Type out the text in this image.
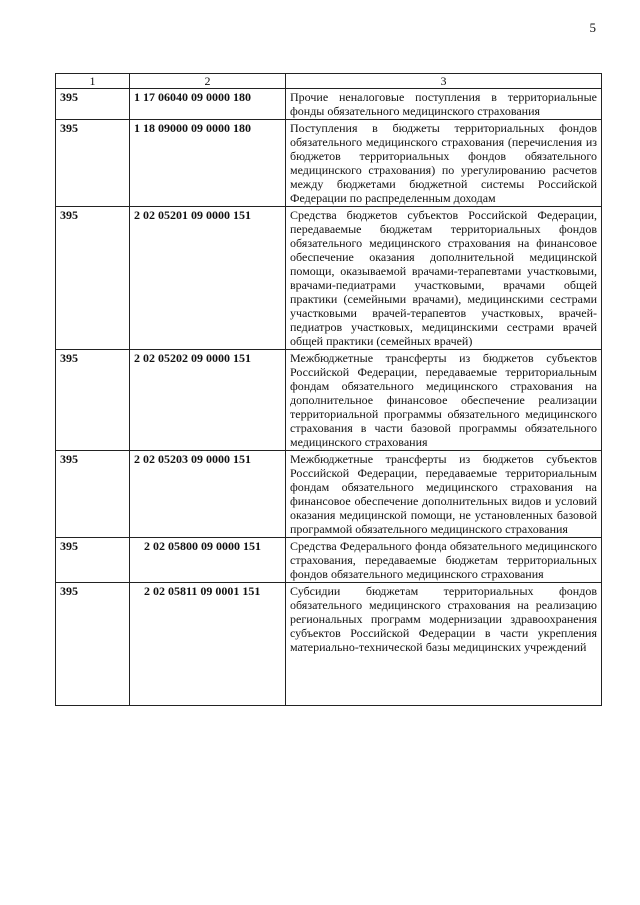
5
1	2	3
395	1 17 06040 09 0000 180	Прочие неналоговые поступления в территориальные фонды обязательного медицинского страхования
395	1 18 09000 09 0000 180	Поступления в бюджеты территориальных фондов обязательного медицинского страхования (перечисления из бюджетов территориальных фондов обязательного медицинского страхования) по урегулированию расчетов между бюджетами бюджетной системы Российской Федерации по распределенным доходам
395	2 02 05201 09 0000 151	Средства бюджетов субъектов Российской Федерации, передаваемые бюджетам территориальных фондов обязательного медицинского страхования на финансовое обеспечение оказания дополнительной медицинской помощи, оказываемой врачами-терапевтами участковыми, врачами-педиатрами участковыми, врачами общей практики (семейными врачами), медицинскими сестрами участковыми врачей-терапевтов участковых, врачей-педиатров участковых, медицинскими сестрами врачей общей практики (семейных врачей)
395	2 02 05202 09 0000 151	Межбюджетные трансферты из бюджетов субъектов Российской Федерации, передаваемые территориальным фондам обязательного медицинского страхования на дополнительное финансовое обеспечение реализации территориальной программы обязательного медицинского страхования в части базовой программы обязательного медицинского страхования
395	2 02 05203 09 0000 151	Межбюджетные трансферты из бюджетов субъектов Российской Федерации, передаваемые территориальным фондам обязательного медицинского страхования на финансовое обеспечение дополнительных видов и условий оказания медицинской помощи, не установленных базовой программой обязательного медицинского страхования
395	2 02 05800 09 0000 151	Средства Федерального фонда обязательного медицинского страхования, передаваемые бюджетам территориальных фондов обязательного медицинского страхования
395	2 02 05811 09 0001 151	Субсидии бюджетам территориальных фондов обязательного медицинского страхования на реализацию региональных программ модернизации здравоохранения субъектов Российской Федерации в части укрепления материально-технической базы медицинских учреждений
